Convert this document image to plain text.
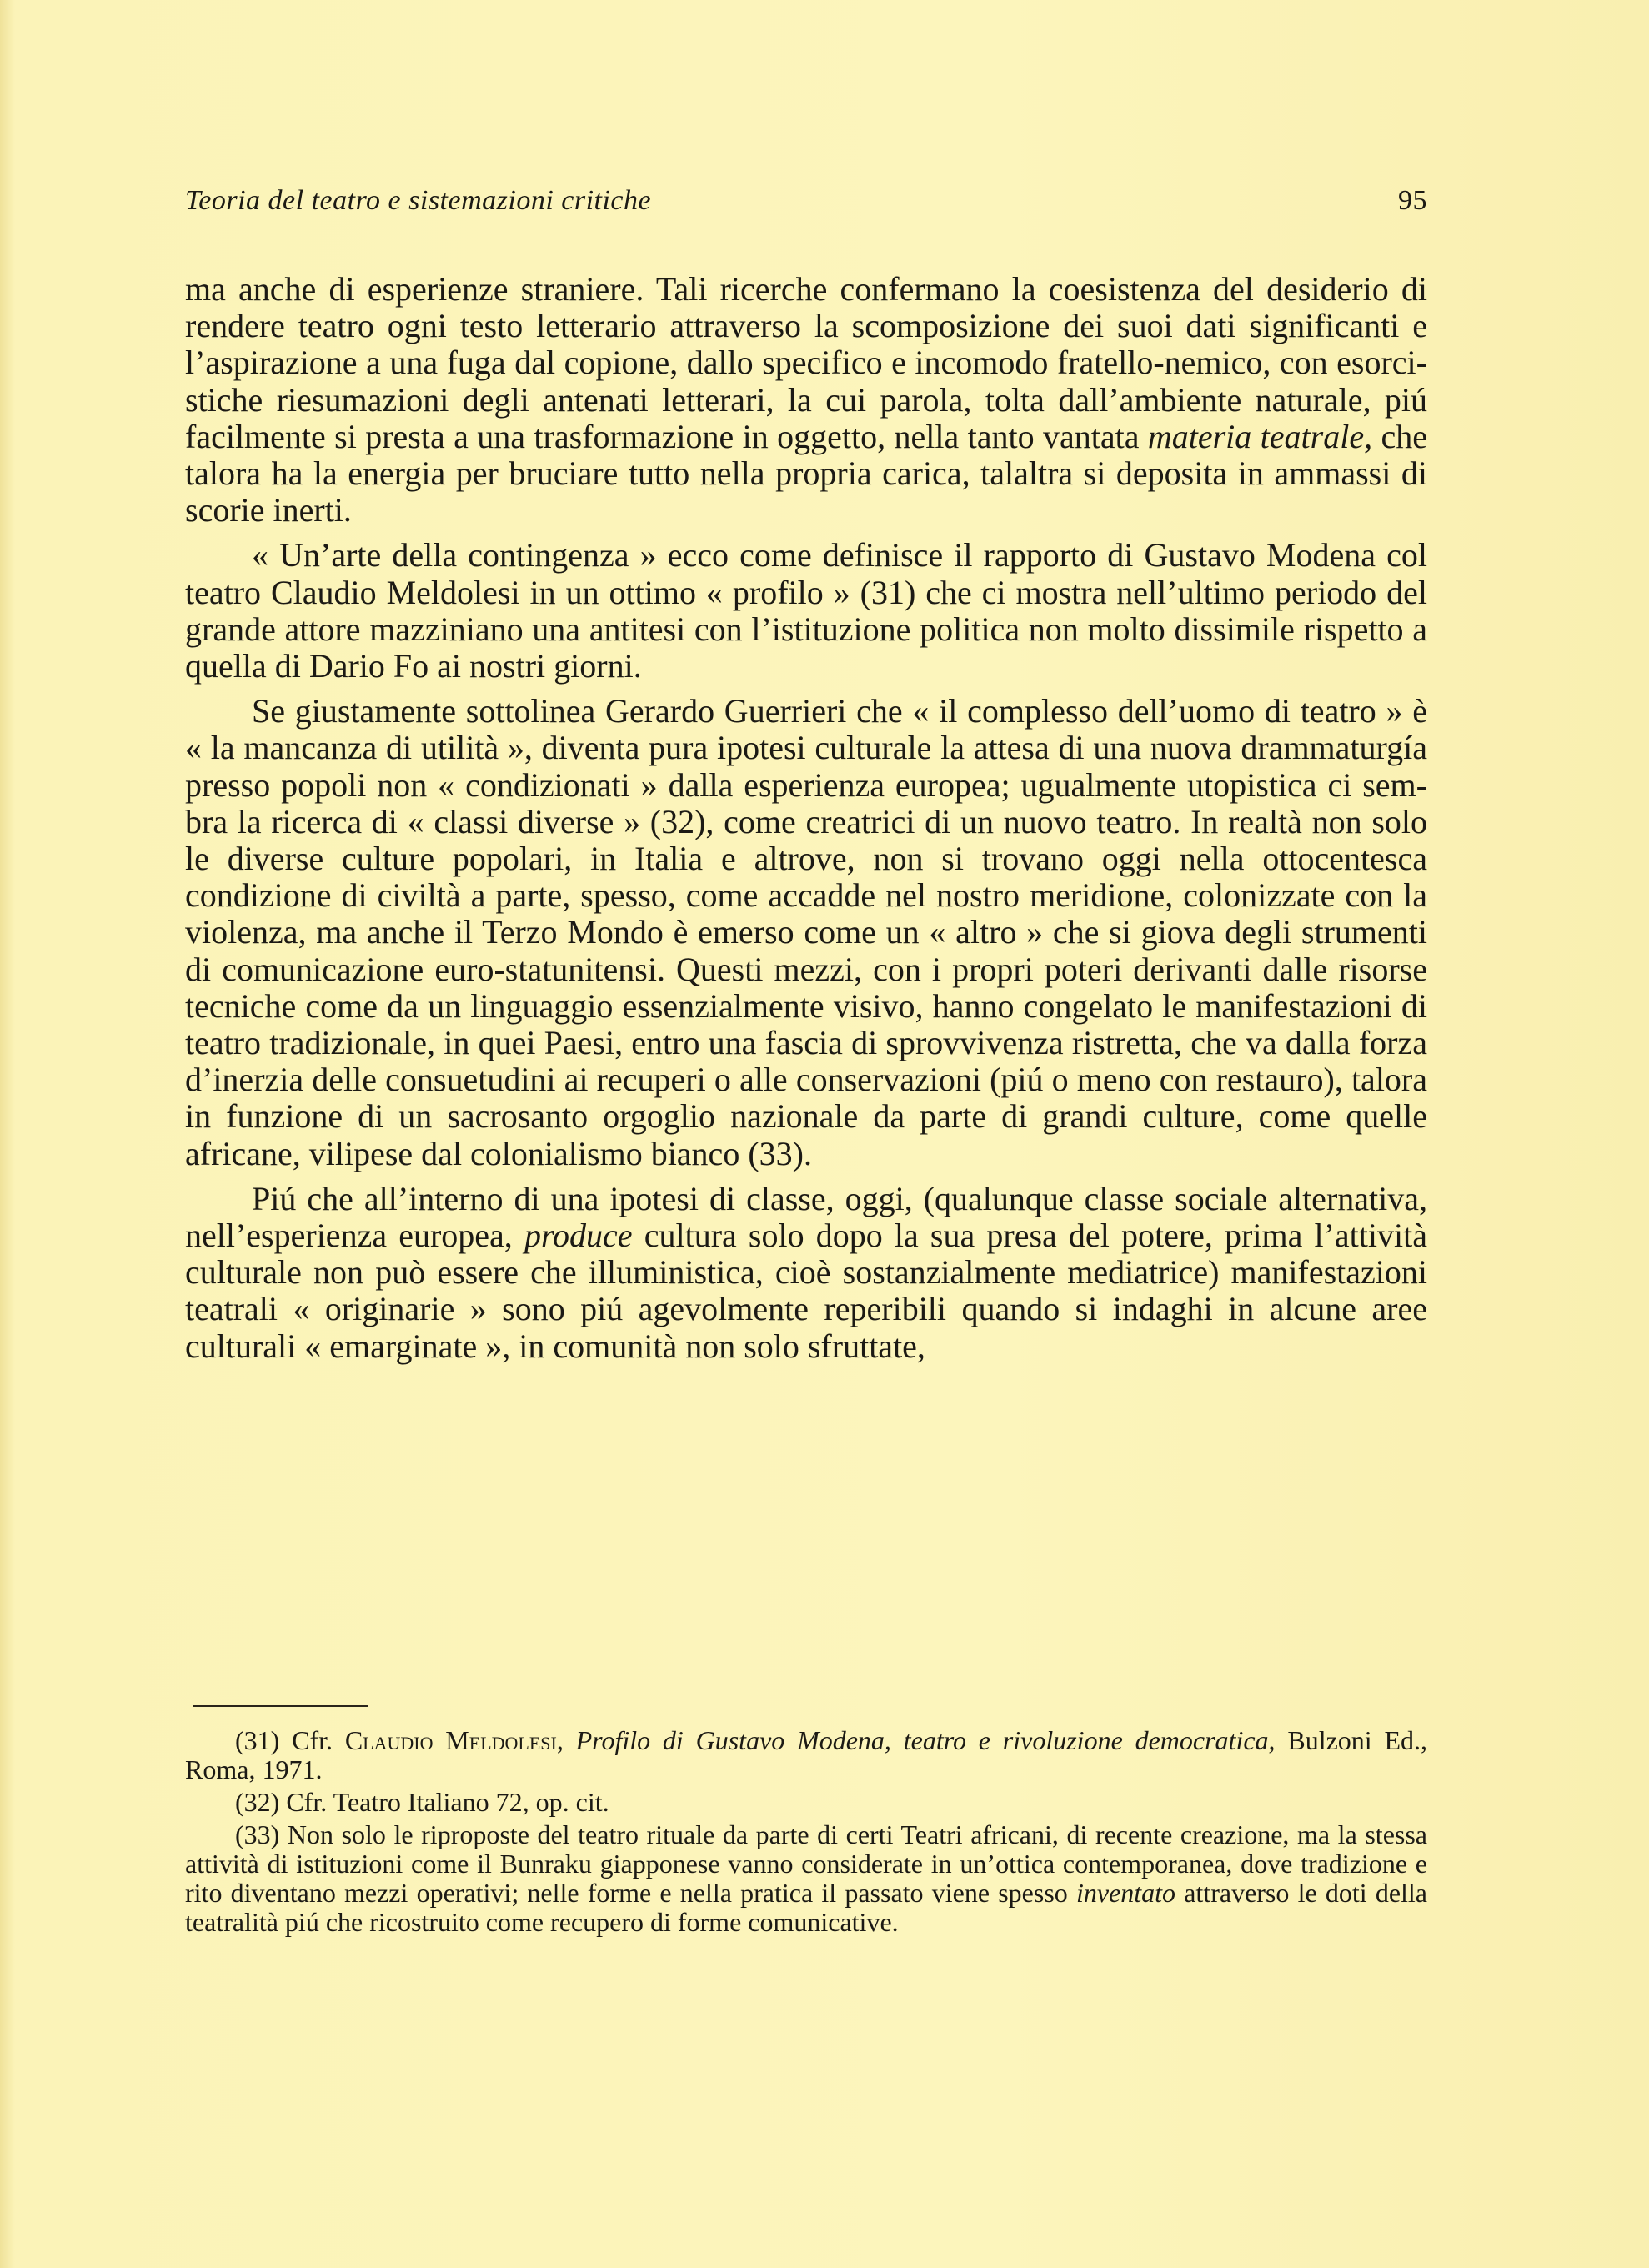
Teoria del teatro e sistemazioni critiche	95

ma anche di esperienze straniere. Tali ricerche confermano la coesistenza del desiderio di rendere teatro ogni testo letterario attraverso la scomposizione dei suoi dati significanti e l’aspirazione a una fuga dal copione, dallo specifico e incomodo fratello-nemico, con esorcistiche riesumazioni degli antenati letterari, la cui parola, tolta dall’ambiente naturale, piú facilmente si presta a una trasformazione in oggetto, nella tanto vantata materia teatrale, che talora ha la energia per bruciare tutto nella propria carica, talaltra si deposita in ammassi di scorie inerti.

« Un’arte della contingenza » ecco come definisce il rapporto di Gustavo Modena col teatro Claudio Meldolesi in un ottimo « profilo » (31) che ci mostra nell’ultimo periodo del grande attore mazziniano una antitesi con l’istituzione politica non molto dissimile rispetto a quella di Dario Fo ai nostri giorni.

Se giustamente sottolinea Gerardo Guerrieri che « il complesso dell’uomo di teatro » è « la mancanza di utilità », diventa pura ipotesi culturale la attesa di una nuova drammaturgía presso popoli non « condizionati » dalla esperienza europea; ugualmente utopistica ci sembra la ricerca di « classi diverse » (32), come creatrici di un nuovo teatro. In realtà non solo le diverse culture popolari, in Italia e altrove, non si trovano oggi nella ottocentesca condizione di civiltà a parte, spesso, come accadde nel nostro meridione, colonizzate con la violenza, ma anche il Terzo Mondo è emerso come un « altro » che si giova degli strumenti di comunicazione euro-statunitensi. Questi mezzi, con i propri poteri derivanti dalle risorse tecniche come da un linguaggio essenzialmente visivo, hanno congelato le manifestazioni di teatro tradizionale, in quei Paesi, entro una fascia di sprovvivenza ristretta, che va dalla forza d’inerzia delle consuetudini ai recuperi o alle conservazioni (piú o meno con restauro), talora in funzione di un sacrosanto orgoglio nazionale da parte di grandi culture, come quelle africane, vilipese dal colonialismo bianco (33).

Piú che all’interno di una ipotesi di classe, oggi, (qualunque classe sociale alternativa, nell’esperienza europea, produce cultura solo dopo la sua presa del potere, prima l’attività culturale non può essere che illuministica, cioè sostanzialmente mediatrice) manifestazioni teatrali « originarie » sono piú agevolmente reperibili quando si indaghi in alcune aree culturali « emarginate », in comunità non solo sfruttate,

(31) Cfr. Claudio Meldolesi, Profilo di Gustavo Modena, teatro e rivoluzione democratica, Bulzoni Ed., Roma, 1971.

(32) Cfr. Teatro Italiano 72, op. cit.

(33) Non solo le riproposte del teatro rituale da parte di certi Teatri africani, di recente creazione, ma la stessa attività di istituzioni come il Bunraku giapponese vanno considerate in un’ottica contemporanea, dove tradizione e rito diventano mezzi operativi; nelle forme e nella pratica il passato viene spesso inventato attraverso le doti della teatralità piú che ricostruito come recupero di forme comunicative.
